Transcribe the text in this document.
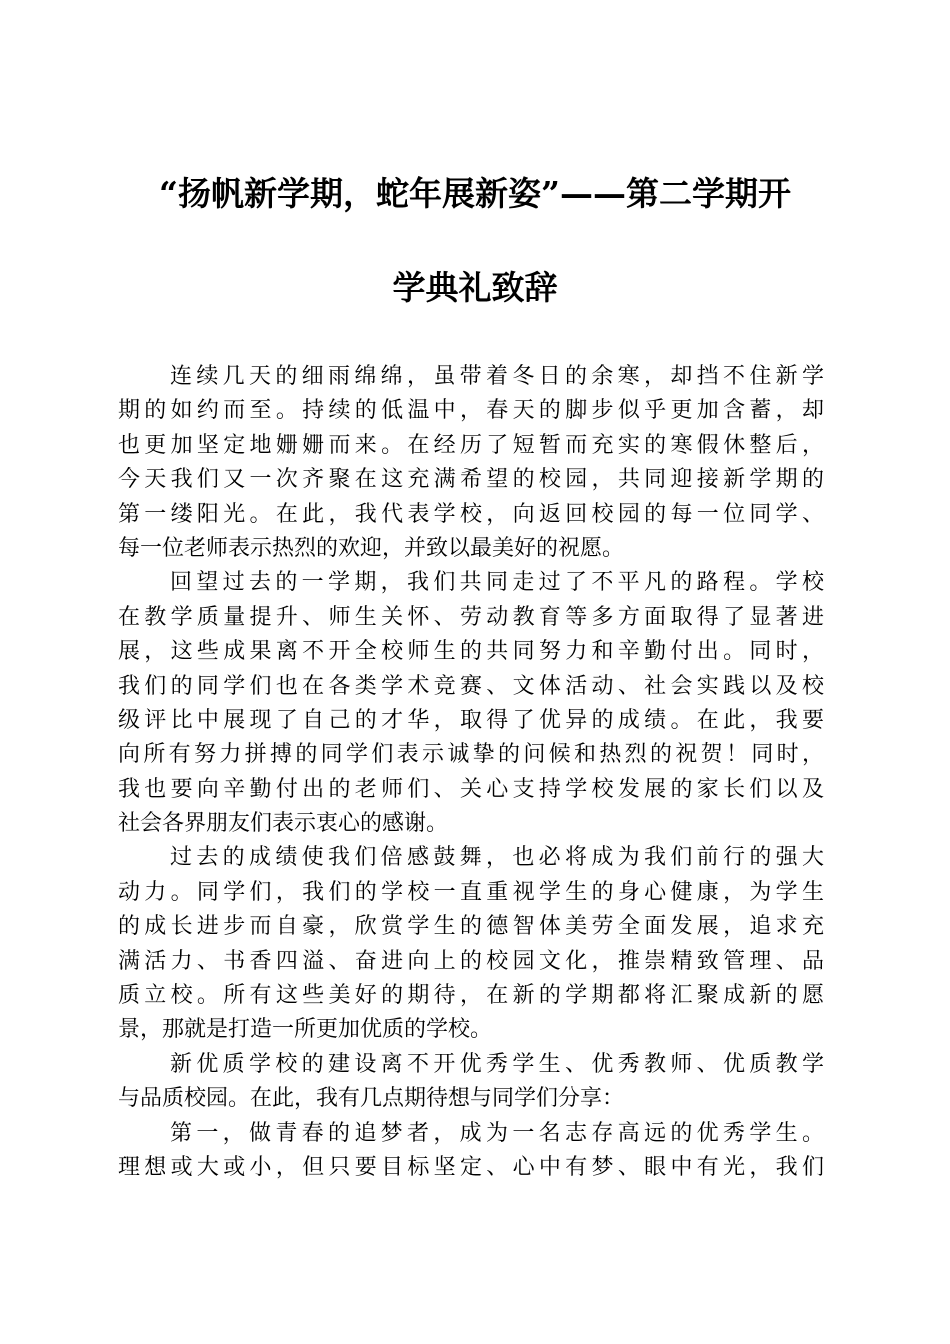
“扬帆新学期，蛇年展新姿”——第二学期开
学典礼致辞
连续几天的细雨绵绵，虽带着冬日的余寒，却挡不住新学
期的如约而至。持续的低温中，春天的脚步似乎更加含蓄，却
也更加坚定地姗姗而来。在经历了短暂而充实的寒假休整后，
今天我们又一次齐聚在这充满希望的校园，共同迎接新学期的
第一缕阳光。在此，我代表学校，向返回校园的每一位同学、
每一位老师表示热烈的欢迎，并致以最美好的祝愿。
回望过去的一学期，我们共同走过了不平凡的路程。学校
在教学质量提升、师生关怀、劳动教育等多方面取得了显著进
展，这些成果离不开全校师生的共同努力和辛勤付出。同时，
我们的同学们也在各类学术竞赛、文体活动、社会实践以及校
级评比中展现了自己的才华，取得了优异的成绩。在此，我要
向所有努力拼搏的同学们表示诚挚的问候和热烈的祝贺！同时，
我也要向辛勤付出的老师们、关心支持学校发展的家长们以及
社会各界朋友们表示衷心的感谢。
过去的成绩使我们倍感鼓舞，也必将成为我们前行的强大
动力。同学们，我们的学校一直重视学生的身心健康，为学生
的成长进步而自豪，欣赏学生的德智体美劳全面发展，追求充
满活力、书香四溢、奋进向上的校园文化，推崇精致管理、品
质立校。所有这些美好的期待，在新的学期都将汇聚成新的愿
景，那就是打造一所更加优质的学校。
新优质学校的建设离不开优秀学生、优秀教师、优质教学
与品质校园。在此，我有几点期待想与同学们分享：
第一，做青春的追梦者，成为一名志存高远的优秀学生。
理想或大或小，但只要目标坚定、心中有梦、眼中有光，我们
